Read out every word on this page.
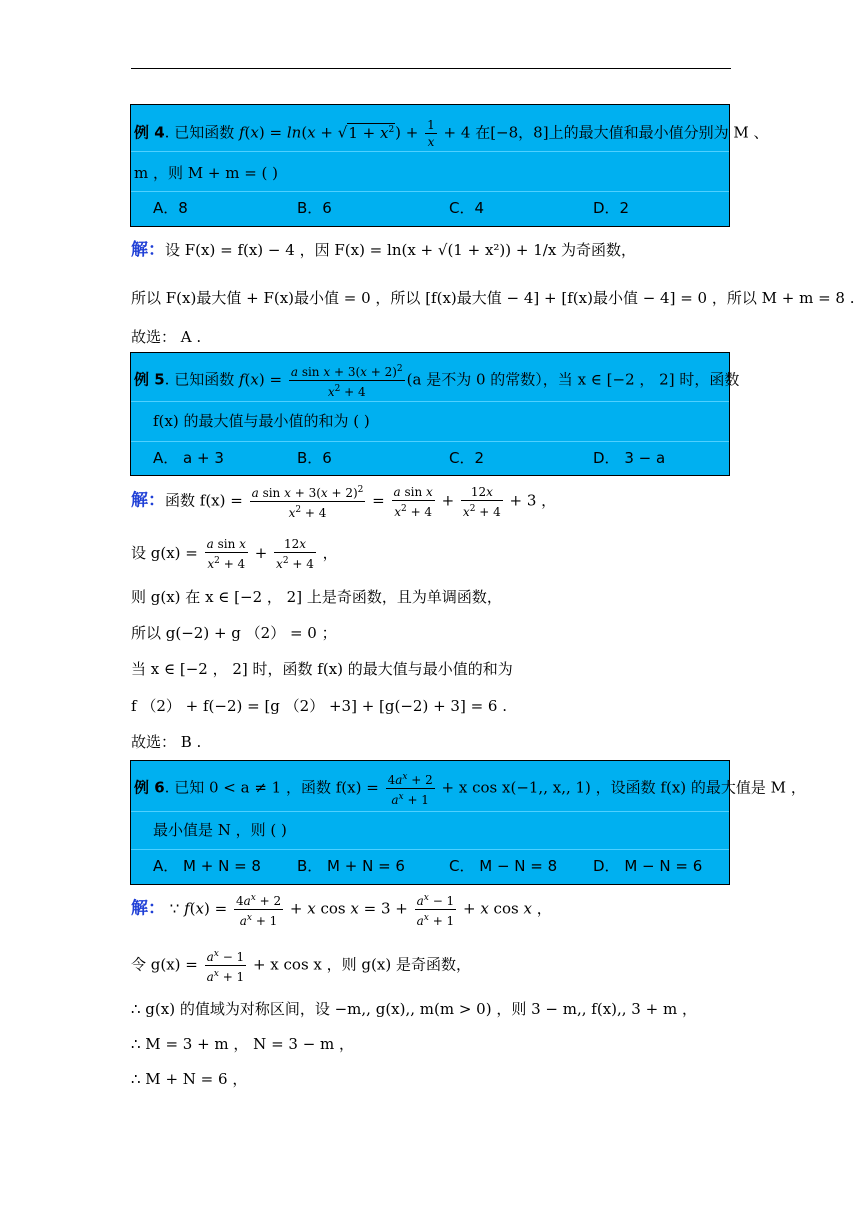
例 4. 已知函数 $f(x) = \ln(x + √1 + x^2) + \frac{1}{x} + 4$ 在[−8，8]上的最大值和最小值分别为 M 、
m ，则 M + m = ( )
A．8	B．6	C．4	D．2
解：设 F(x) = f(x) − 4 ，因 F(x) = ln(x + √(1 + x²)) + 1/x 为奇函数，
所以 F(x)最大值 + F(x)最小值 = 0 ，所以 [f(x)最大值 − 4] + [f(x)最小值 − 4] = 0 ，所以 M + m = 8 .
故选： A .
例 5. 已知函数 $f(x) = \frac{a \sin x + 3(x + 2)^2}{x^2 + 4} (a$ 是不为 0 的常数），当 x ∈ [−2 ， 2] 时，函数
f(x) 的最大值与最小值的和为 ( )
A． a + 3	B．6	C．2	D． 3 − a
解：函数 $f(x) = \frac{a \sin x + 3(x + 2)^2}{x^2 + 4} = \frac{\text{a sin x}}{x^2 + 4} + \frac{12x}{x^2 + 4} + 3$ ，
设 $g(x) = \frac{\text{a sin x}}{x^2 + 4} + \frac{12x}{x^2 + 4}$ ，
则 g(x) 在 x ∈ [−2 ， 2] 上是奇函数，且为单调函数，
所以 g(−2) + g （2） = 0 ；
当 x ∈ [−2 ， 2] 时，函数 f(x) 的最大值与最小值的和为
f （2） + f(−2) = [g （2） +3] + [g(−2) + 3] = 6 .
故选： B .
例 6. 已知 0 < a ≠ 1 ，函数 $f(x) = \frac{4a^x + 2}{a^x + 1} + x$ cos x(−1,, x,, 1) ，设函数 f(x) 的最大值是 M ，
最小值是 N ，则 ( )
A． M + N = 8 B． M + N = 6	C． M − N = 8 D． M − N = 6
解： ∵ $f(x) = \frac{4a^x + 2}{a^x + 1} + x$ $\cos x = 3 + \frac{a^x - 1}{a^x + 1} + x$ cos x ，
令 $g(x) = \frac{a^x - 1}{a^x + 1} + x$ cos x ，则 g(x) 是奇函数，
∴ g(x) 的值域为对称区间，设 −m,, g(x),, m(m > 0) ，则 3 − m,, f(x),, 3 + m ，
∴ M = 3 + m ， N = 3 − m ，
∴ M + N = 6 ，
